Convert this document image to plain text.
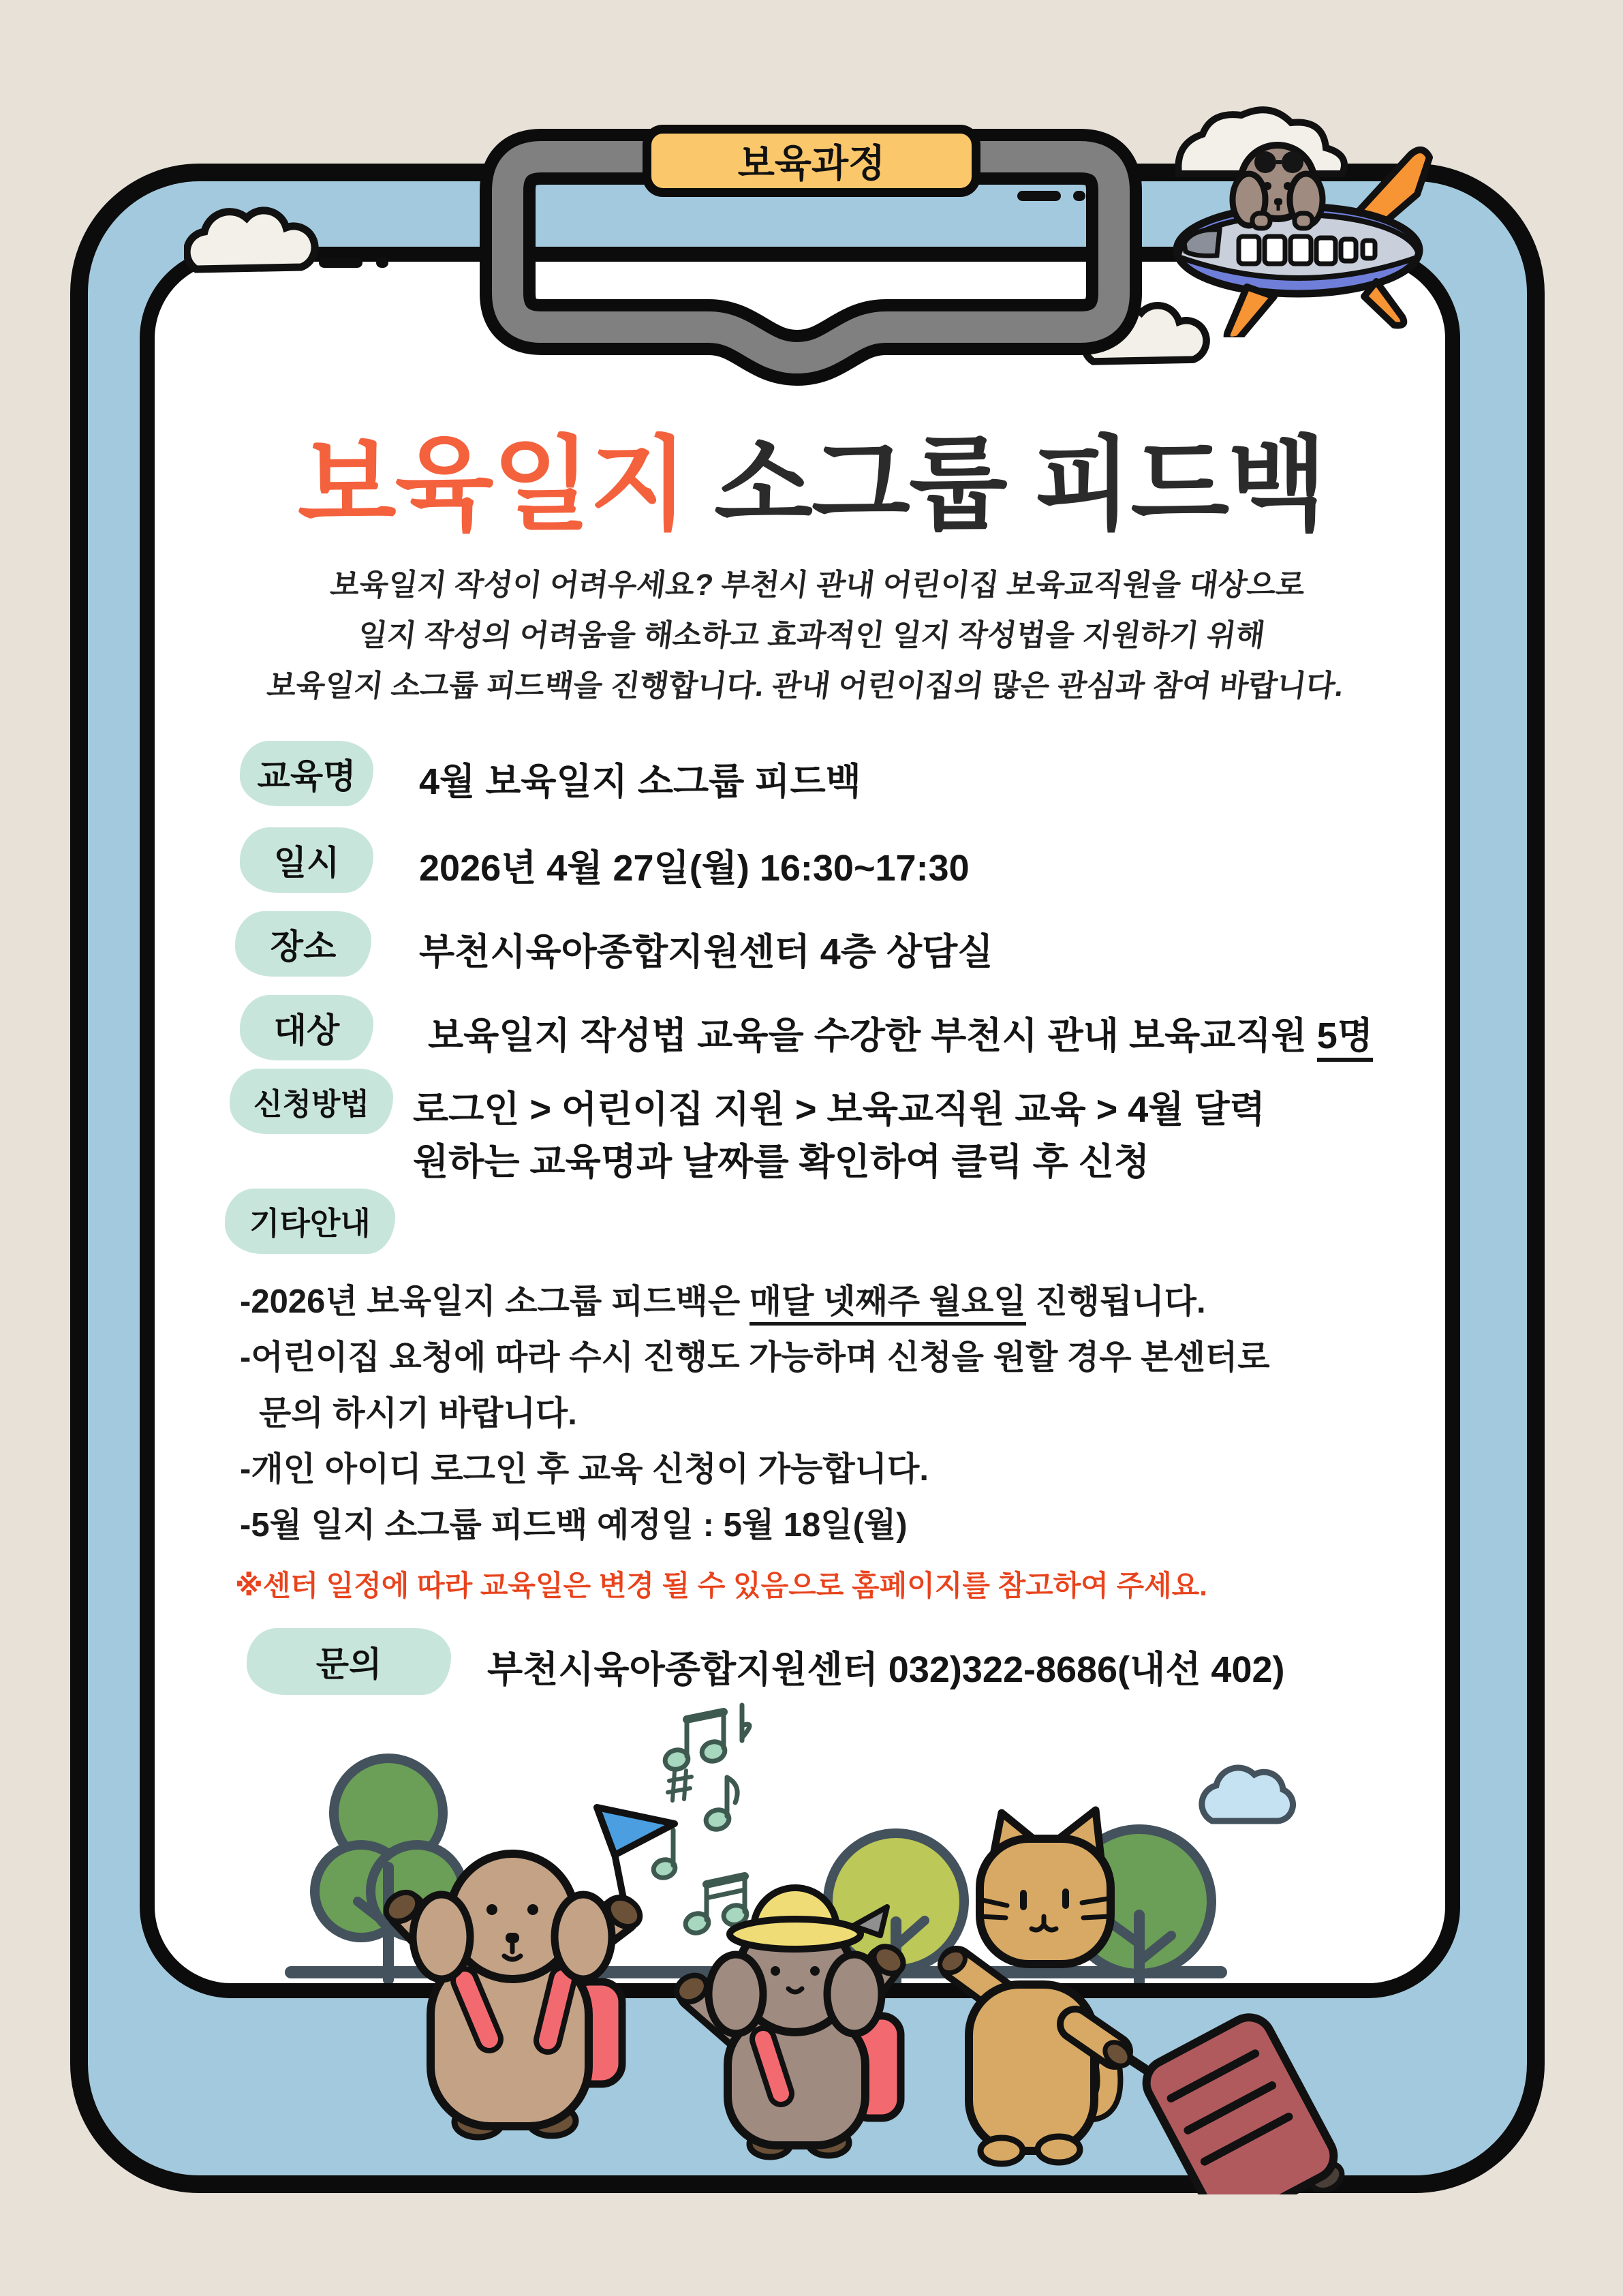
보육과정
보육일지 소그룹 피드백
보육일지 작성이 어려우세요? 부천시 관내 어린이집 보육교직원을 대상으로
일지 작성의 어려움을 해소하고 효과적인 일지 작성법을 지원하기 위해
보육일지 소그룹 피드백을 진행합니다. 관내 어린이집의 많은 관심과 참여 바랍니다.
교육명 4월 보육일지 소그룹 피드백
일시 2026년 4월 27일(월) 16:30~17:30
장소 부천시육아종합지원센터 4층 상담실
대상 보육일지 작성법 교육을 수강한 부천시 관내 보육교직원 5명
신청방법 로그인 > 어린이집 지원 > 보육교직원 교육 > 4월 달력
원하는 교육명과 날짜를 확인하여 클릭 후 신청
기타안내
-2026년 보육일지 소그룹 피드백은 매달 넷째주 월요일 진행됩니다.
-어린이집 요청에 따라 수시 진행도 가능하며 신청을 원할 경우 본센터로
문의 하시기 바랍니다.
-개인 아이디 로그인 후 교육 신청이 가능합니다.
-5월 일지 소그룹 피드백 예정일 : 5월 18일(월)
※센터 일정에 따라 교육일은 변경 될 수 있음으로 홈페이지를 참고하여 주세요.
문의	부천시육아종합지원센터 032)322-8686(내선 402)
